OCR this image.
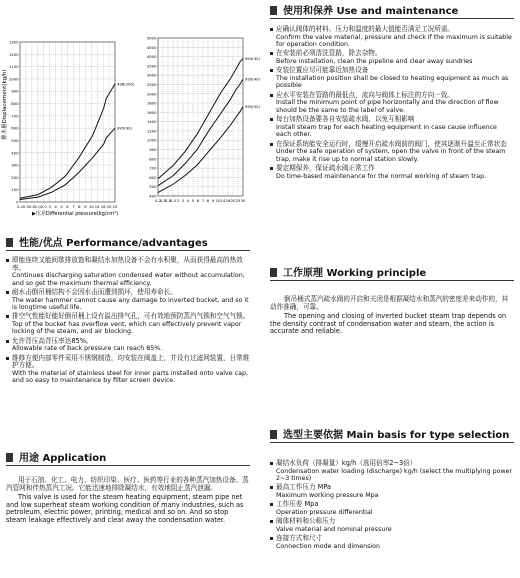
0.2 0.5 0.8 1.0 2.0 3 4 5 6 7 8 9 10 14 16 20 25
1300
1200
1100
1000
900
800
700
600
500
400
300
200
100
0
995(90)
996(100)
排水量Displacement(kg/h)
▶压差Differential pressure(kg/cm²)
0.2
0.5
0.8
1.0 2 3 4 5 6 7 8 9 10 14 16 20 25 30
5000
4500
4000
3500
3000
2500
2000
1800
1600
1400
1200
1000
900
800
700
600
500
400
994(40)
995(40)
995(50)
性能/优点 Performance/advantages
即能连续又能间歇排放饱和凝结水加热设备不会有水积聚，从而获得最高的热效率。
Continues discharging saturation condensed water without accumulation, and so get the maximum thermal efficiency.
耐水击倒吊桶结构不会因水击而遭到损坏，使用寿命长。
The water hammer cannot cause any damage to inverted bucket, and so it is longtime useful life.
排空气性能好能好倒吊桶上设有溢出排气孔，可有效地预防蒸汽气锁和空气气锁。
Top of the bucket has overflow vent, which can effectively prevent vapor locking of the steam, and air blocking.
允许背压高背压率达85%。
Allowable rate of back pressure can reach 85%.
维修方便内部零件采用不锈钢制造，均安装在阀盖上，并设有过滤网装置，日常维护方便。
With the material of stainless steel for inner parts installed onto valve cap, and so easy to maintenance by filter screen device.
用途 Application

用于石油、化工、电力、纺织印染、医疗、医药等行业的各种蒸汽加热设备、蒸汽管网和伴热蒸汽工况。它能迅速地排除凝结水，有效地阻止蒸汽泄漏。

This valve is used for the steam heating equipment, steam pipe net and low superheat steam working condition of many industries, such as petroleum, electric power, printing, medical and so on. And so stop steam leakage effectively and clear away the condensation water.

使用和保养 Use and maintenance
应确认阀体的材料、压力和温度的最大值能否满足工况所需。
Confirm the valve material, pressure and check if the maximum is suitable for operation condition.
在安装前必须清洗管路，除去杂物。
Before installation, clean the pipeline and clear away sundries
安装位置应尽可能靠近加热设备
The installation position shall be closed to heating equipment as much as possible
应水平安装在管路的最低点，流向与阀体上标注的方向一致。
Install the minimum point of pipe horizontally and the direction of flow should be the same to the label of valve.
每台加热设备要各自安装疏水阀，以免互相影响
Install steam trap for each heating equipment in case cause influence each other.
在保证系统能安全运行时，缓慢开启疏水阀前的阀门，使其逐渐升温至正常状态
Under the safe operation of system, open the valve in front of the steam trap, make it rise up to normal station slowly.
要定期保养，保证疏水阀正常工作
Do time-based maintenance for the normal working of steam trap.
工作原理 Working principle

倒吊桶式蒸汽疏水阀的开启和关闭是根据凝结水和蒸汽的密度差来动作的，其动作准确，可靠。

The opening and closing of inverted bucket steam trap depends on the density contrast of condensation water and steam, the action is accurate and reliable.

选型主要依据 Main basis for type selection
凝结水负荷（排凝量）kg/h（选用倍率2~3倍）
Condensation water loading (discharge) kg/h (select the multiplying power 2~3 times)
最高工作压力 MPa
Maximum working pressure Mpa
工作压差 Mpa
Operation pressure differential
阀体材料和公称压力
Valve material and nominal pressure
连接方式和尺寸
Connection mode and dimension
